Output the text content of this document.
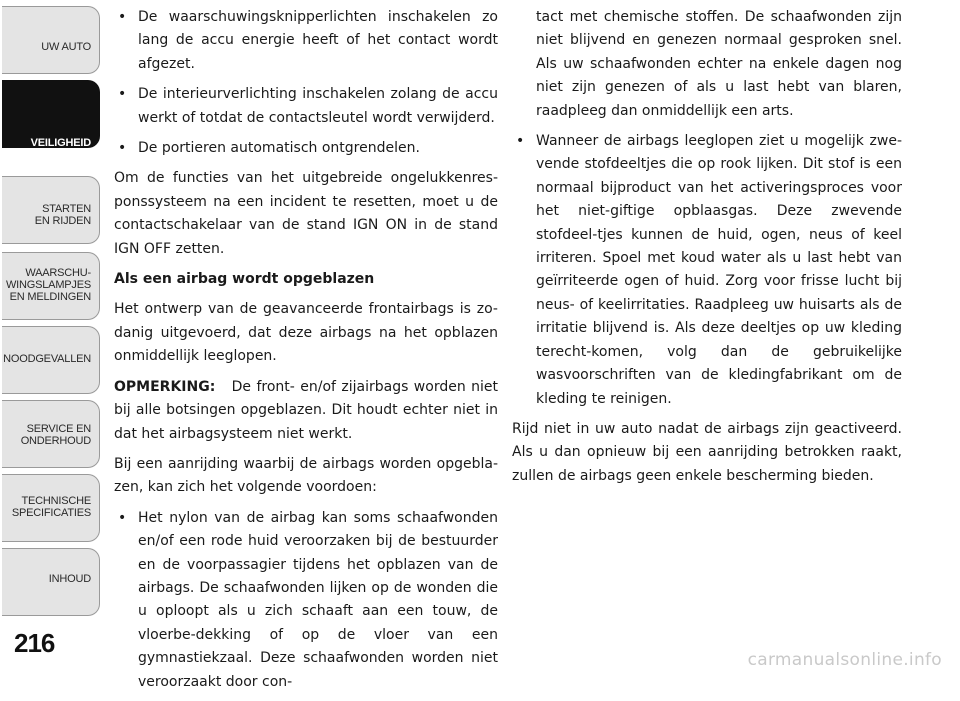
UW AUTO
VEILIGHEID
STARTEN EN RIJDEN
WAARSCHU- WINGSLAMPJES EN MELDINGEN
NOODGEVALLEN
SERVICE EN ONDERHOUD
TECHNISCHE SPECIFICATIES
INHOUD
216
• De waarschuwingsknipperlichten inschakelen zo lang de accu energie heeft of het contact wordt afgezet.
• De interieurverlichting inschakelen zolang de accu werkt of totdat de contactsleutel wordt verwijderd.
• De portieren automatisch ontgrendelen.

Om de functies van het uitgebreide ongelukkenres-ponssysteem na een incident te resetten, moet u de contactschakelaar van de stand IGN ON in de stand IGN OFF zetten.

Als een airbag wordt opgeblazen

Het ontwerp van de geavanceerde frontairbags is zo-danig uitgevoerd, dat deze airbags na het opblazen onmiddellijk leeglopen.

OPMERKING: De front- en/of zijairbags worden niet bij alle botsingen opgeblazen. Dit houdt echter niet in dat het airbagsysteem niet werkt.

Bij een aanrijding waarbij de airbags worden opgebla-zen, kan zich het volgende voordoen:

• Het nylon van de airbag kan soms schaafwonden en/of een rode huid veroorzaken bij de bestuurder en de voorpassagier tijdens het opblazen van de airbags. De schaafwonden lijken op de wonden die u oploopt als u zich schaaft aan een touw, de vloerbe-dekking of op de vloer van een gymnastiekzaal. Deze schaafwonden worden niet veroorzaakt door con-

tact met chemische stoffen. De schaafwonden zijn niet blijvend en genezen normaal gesproken snel. Als uw schaafwonden echter na enkele dagen nog niet zijn genezen of als u last hebt van blaren, raadpleeg dan onmiddellijk een arts.

• Wanneer de airbags leeglopen ziet u mogelijk zwe-vende stofdeeltjes die op rook lijken. Dit stof is een normaal bijproduct van het activeringsproces voor het niet-giftige opblaasgas. Deze zwevende stofdeel-tjes kunnen de huid, ogen, neus of keel irriteren. Spoel met koud water als u last hebt van geïrriteerde ogen of huid. Zorg voor frisse lucht bij neus- of keelirritaties. Raadpleeg uw huisarts als de irritatie blijvend is. Als deze deeltjes op uw kleding terecht-komen, volg dan de gebruikelijke wasvoorschriften van de kledingfabrikant om de kleding te reinigen.

Rijd niet in uw auto nadat de airbags zijn geactiveerd. Als u dan opnieuw bij een aanrijding betrokken raakt, zullen de airbags geen enkele bescherming bieden.

carmanualsonline.info
